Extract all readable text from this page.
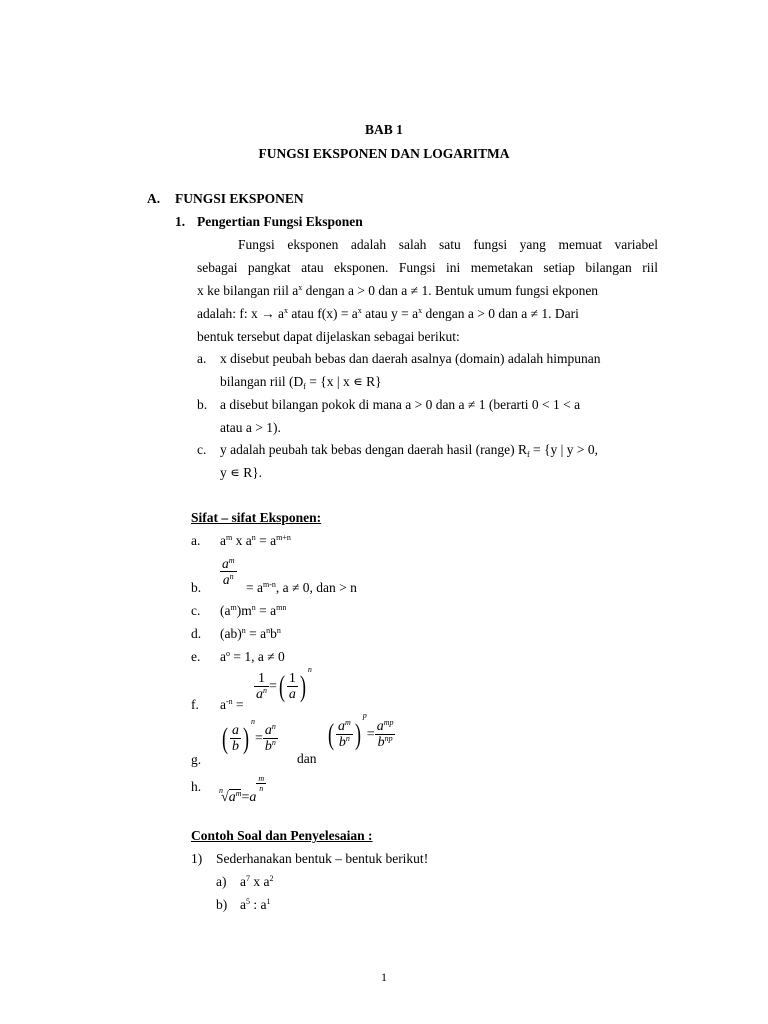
BAB 1
FUNGSI EKSPONEN DAN LOGARITMA
A. FUNGSI EKSPONEN
1. Pengertian Fungsi Eksponen
Fungsi eksponen adalah salah satu fungsi yang memuat variabel
sebagai pangkat atau eksponen. Fungsi ini memetakan setiap bilangan riil
x ke bilangan riil $a^x$ dengan a > 0 dan a ≠ 1. Bentuk umum fungsi ekponen
adalah: f: $x \to a^x$ atau $f(x) = a^x$ atau $y = a^x$ dengan a > 0 dan a ≠ 1. Dari
bentuk tersebut dapat dijelaskan sebagai berikut:
a. x disebut peubah bebas dan daerah asalnya (domain) adalah himpunan
bilangan riil ($D_f = \{x$ | x ∊ R}
b. a disebut bilangan pokok di mana a > 0 dan a ≠ 1 (berarti 0 < 1 < a
atau a > 1).
c. y adalah peubah tak bebas dengan daerah hasil (range) $R_f = \{y$ | y > 0,
y ∊ R}.
Sifat – sifat Eksponen:
a. $a^m$ x $a^n = a^{m+n}$
b.
$\frac{a^m}{a^n}$
= $a^{m-n}$, a ≠ 0, dan > n
c. $(a^m)m^n = a^{mn}$
d. $(ab)^n = a^nb^n$
e. $a^o = 1$, a ≠ 0
f. $a^{-n}$ =
$\frac{1}{a^n}$ =( $\frac{1}{a} )^n$
g.
( $\frac{a}{b} )^n= \frac{a^n}{b^n}$
dan
( $\frac{a^m}{b^n} )^p= \frac{a^{mp}}{b^{np}}$
h. $^n√a^m=a$
$\frac{m}{n}$
Contoh Soal dan Penyelesaian :
1) Sederhanakan bentuk – bentuk berikut!
a) $a^7$ x $a^2$
b) $a^5$ : $a^1$
1
